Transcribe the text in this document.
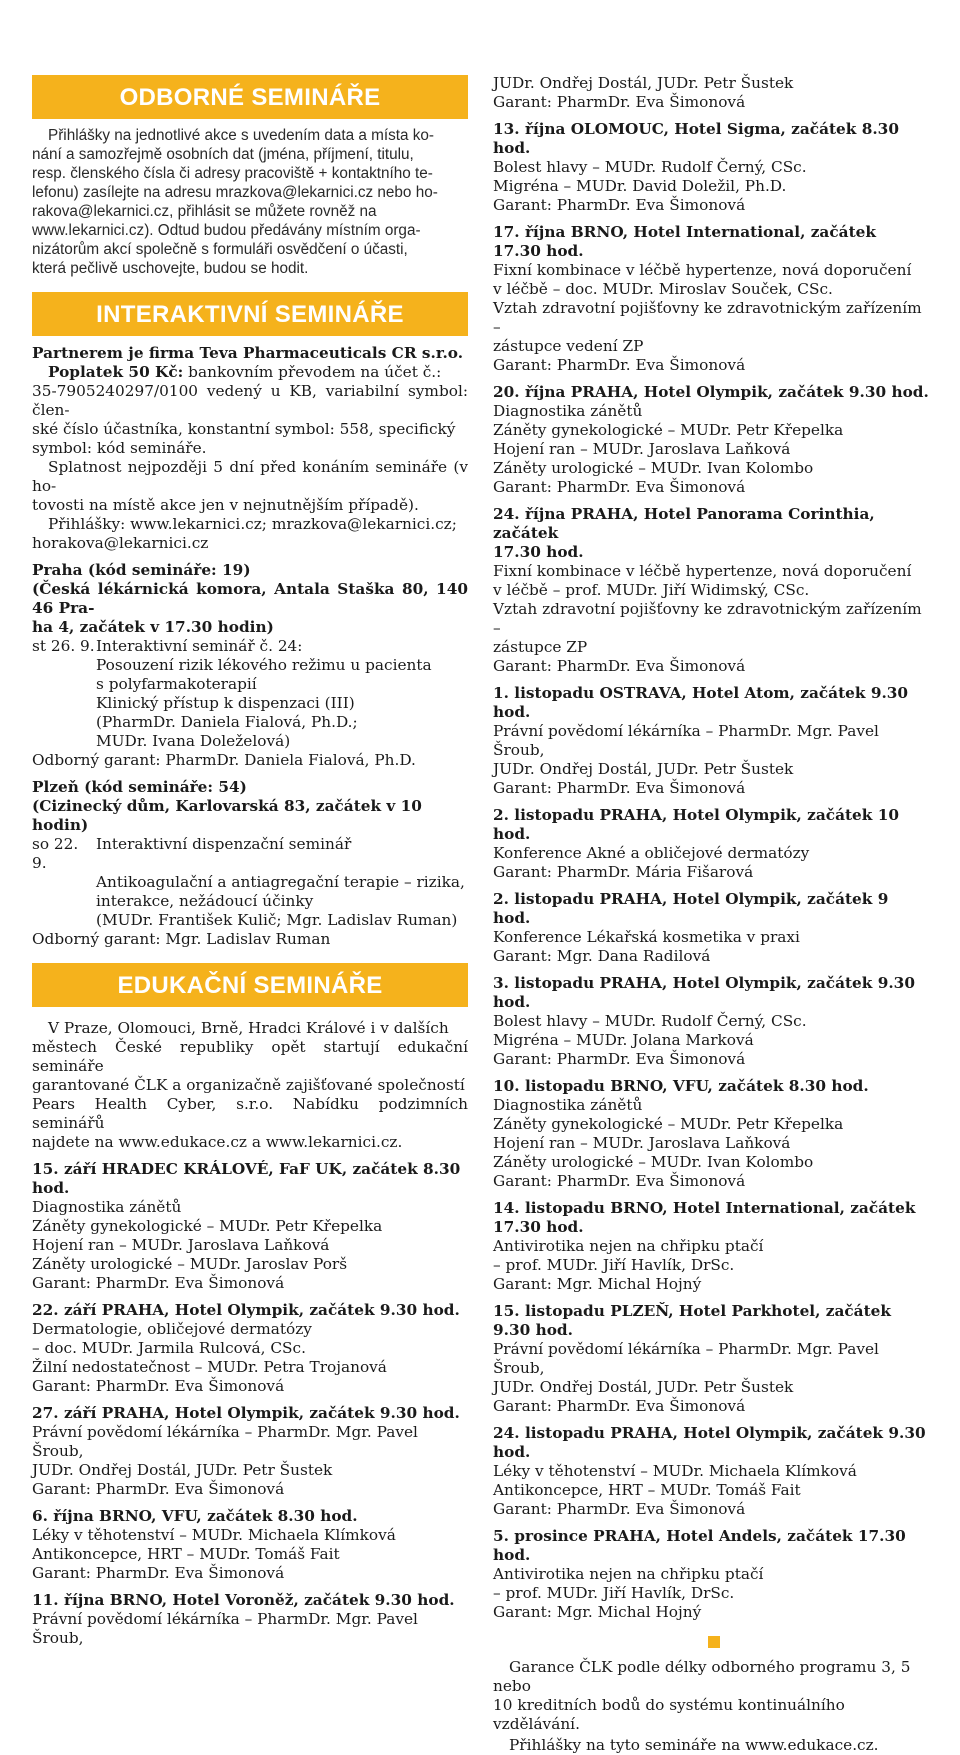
ODBORNÉ SEMINÁŘE

Přihlášky na jednotlivé akce s uvedením data a místa ko-

nání a samozřejmě osobních dat (jména, příjmení, titulu,

resp. členského čísla či adresy pracoviště + kontaktního te-

lefonu) zasílejte na adresu mrazkova@lekarnici.cz nebo ho-

rakova@lekarnici.cz, přihlásit se můžete rovněž na

www.lekarnici.cz). Odtud budou předávány místním orga-

nizátorům akcí společně s formuláři osvědčení o účasti,

která pečlivě uschovejte, budou se hodit.

INTERAKTIVNÍ SEMINÁŘE

Partnerem je firma Teva Pharmaceuticals CR s.r.o.

Poplatek 50 Kč: bankovním převodem na účet č.:

35-7905240297/0100 vedený u KB, variabilní symbol: člen-

ské číslo účastníka, konstantní symbol: 558, specifický

symbol: kód semináře.

Splatnost nejpozději 5 dní před konáním semináře (v ho-

tovosti na místě akce jen v nejnutnějším případě).

Přihlášky: www.lekarnici.cz; mrazkova@lekarnici.cz;

horakova@lekarnici.cz

Praha (kód semináře: 19)

(Česká lékárnická komora, Antala Staška 80, 140 46 Pra-

ha 4, začátek v 17.30 hodin)

st 26. 9. Interaktivní seminář č. 24:

Posouzení rizik lékového režimu u pacienta

s polyfarmakoterapií

Klinický přístup k dispenzaci (III)

(PharmDr. Daniela Fialová, Ph.D.;

MUDr. Ivana Doleželová)

Odborný garant: PharmDr. Daniela Fialová, Ph.D.

Plzeň (kód semináře: 54)

(Cizinecký dům, Karlovarská 83, začátek v 10 hodin)

so 22. 9.

Interaktivní dispenzační seminář

Antikoagulační a antiagregační terapie – rizika,

interakce, nežádoucí účinky

(MUDr. František Kulič; Mgr. Ladislav Ruman)

Odborný garant: Mgr. Ladislav Ruman

EDUKAČNÍ SEMINÁŘE

V Praze, Olomouci, Brně, Hradci Králové i v dalších

městech České republiky opět startují edukační semináře

garantované ČLK a organizačně zajišťované společností

Pears Health Cyber, s.r.o. Nabídku podzimních seminářů

najdete na www.edukace.cz a www.lekarnici.cz.

15. září HRADEC KRÁLOVÉ, FaF UK, začátek 8.30 hod.

Diagnostika zánětů

Záněty gynekologické – MUDr. Petr Křepelka

Hojení ran – MUDr. Jaroslava Laňková

Záněty urologické – MUDr. Jaroslav Porš

Garant: PharmDr. Eva Šimonová

22. září PRAHA, Hotel Olympik, začátek 9.30 hod.

Dermatologie, obličejové dermatózy

– doc. MUDr. Jarmila Rulcová, CSc.

Žilní nedostatečnost – MUDr. Petra Trojanová

Garant: PharmDr. Eva Šimonová

27. září PRAHA, Hotel Olympik, začátek 9.30 hod.

Právní povědomí lékárníka – PharmDr. Mgr. Pavel Šroub,

JUDr. Ondřej Dostál, JUDr. Petr Šustek

Garant: PharmDr. Eva Šimonová

6. října BRNO, VFU, začátek 8.30 hod.

Léky v těhotenství – MUDr. Michaela Klímková

Antikoncepce, HRT – MUDr. Tomáš Fait

Garant: PharmDr. Eva Šimonová

11. října BRNO, Hotel Voroněž, začátek 9.30 hod.

Právní povědomí lékárníka – PharmDr. Mgr. Pavel Šroub,

JUDr. Ondřej Dostál, JUDr. Petr Šustek

Garant: PharmDr. Eva Šimonová

13. října OLOMOUC, Hotel Sigma, začátek 8.30 hod.

Bolest hlavy – MUDr. Rudolf Černý, CSc.

Migréna – MUDr. David Doležil, Ph.D.

Garant: PharmDr. Eva Šimonová

17. října BRNO, Hotel International, začátek 17.30 hod.

Fixní kombinace v léčbě hypertenze, nová doporučení

v léčbě – doc. MUDr. Miroslav Souček, CSc.

Vztah zdravotní pojišťovny ke zdravotnickým zařízením –

zástupce vedení ZP

Garant: PharmDr. Eva Šimonová

20. října PRAHA, Hotel Olympik, začátek 9.30 hod.

Diagnostika zánětů

Záněty gynekologické – MUDr. Petr Křepelka

Hojení ran – MUDr. Jaroslava Laňková

Záněty urologické – MUDr. Ivan Kolombo

Garant: PharmDr. Eva Šimonová

24. října PRAHA, Hotel Panorama Corinthia, začátek

17.30 hod.

Fixní kombinace v léčbě hypertenze, nová doporučení

v léčbě – prof. MUDr. Jiří Widimský, CSc.

Vztah zdravotní pojišťovny ke zdravotnickým zařízením –

zástupce ZP

Garant: PharmDr. Eva Šimonová

1. listopadu OSTRAVA, Hotel Atom, začátek 9.30 hod.

Právní povědomí lékárníka – PharmDr. Mgr. Pavel Šroub,

JUDr. Ondřej Dostál, JUDr. Petr Šustek

Garant: PharmDr. Eva Šimonová

2. listopadu PRAHA, Hotel Olympik, začátek 10 hod.

Konference Akné a obličejové dermatózy

Garant: PharmDr. Mária Fišarová

2. listopadu PRAHA, Hotel Olympik, začátek 9 hod.

Konference Lékařská kosmetika v praxi

Garant: Mgr. Dana Radilová

3. listopadu PRAHA, Hotel Olympik, začátek 9.30 hod.

Bolest hlavy – MUDr. Rudolf Černý, CSc.

Migréna – MUDr. Jolana Marková

Garant: PharmDr. Eva Šimonová

10. listopadu BRNO, VFU, začátek 8.30 hod.

Diagnostika zánětů

Záněty gynekologické – MUDr. Petr Křepelka

Hojení ran – MUDr. Jaroslava Laňková

Záněty urologické – MUDr. Ivan Kolombo

Garant: PharmDr. Eva Šimonová

14. listopadu BRNO, Hotel International, začátek 17.30 hod.

Antivirotika nejen na chřipku ptačí

– prof. MUDr. Jiří Havlík, DrSc.

Garant: Mgr. Michal Hojný

15. listopadu PLZEŇ, Hotel Parkhotel, začátek 9.30 hod.

Právní povědomí lékárníka – PharmDr. Mgr. Pavel Šroub,

JUDr. Ondřej Dostál, JUDr. Petr Šustek

Garant: PharmDr. Eva Šimonová

24. listopadu PRAHA, Hotel Olympik, začátek 9.30 hod.

Léky v těhotenství – MUDr. Michaela Klímková

Antikoncepce, HRT – MUDr. Tomáš Fait

Garant: PharmDr. Eva Šimonová

5. prosince PRAHA, Hotel Andels, začátek 17.30 hod.

Antivirotika nejen na chřipku ptačí

– prof. MUDr. Jiří Havlík, DrSc.

Garant: Mgr. Michal Hojný

Garance ČLK podle délky odborného programu 3, 5 nebo

10 kreditních bodů do systému kontinuálního vzdělávání.

Přihlášky na tyto semináře na www.edukace.cz.
